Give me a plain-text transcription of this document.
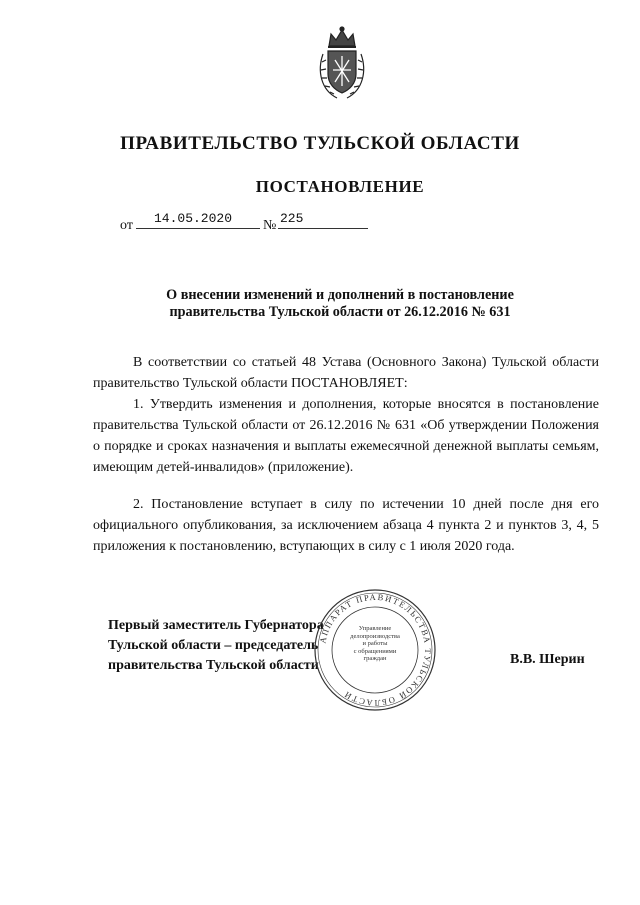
ПРАВИТЕЛЬСТВО ТУЛЬСКОЙ ОБЛАСТИ
ПОСТАНОВЛЕНИЕ
от	14.05.2020	№ 225
О внесении изменений и дополнений в постановление
правительства Тульской области от 26.12.2016 № 631
В соответствии со статьей 48 Устава (Основного Закона) Тульской области правительство Тульской области ПОСТАНОВЛЯЕТ:
1. Утвердить изменения и дополнения, которые вносятся в постановление правительства Тульской области от 26.12.2016 № 631 «Об утверждении Положения о порядке и сроках назначения и выплаты ежемесячной денежной выплаты семьям, имеющим детей-инвалидов» (приложение).
2. Постановление вступает в силу по истечении 10 дней после дня его официального опубликования, за исключением абзаца 4 пункта 2 и пунктов 3, 4, 5 приложения к постановлению, вступающих в силу с 1 июля 2020 года.
Первый заместитель Губернатора
Тульской области – председатель
правительства Тульской области
АППАРАТ ПРАВИТЕЛЬСТВА ТУЛЬСКОЙ ОБЛАСТИ
Управление
делопроизводства
и работы
с обращениями
граждан	В.В. Шерин
